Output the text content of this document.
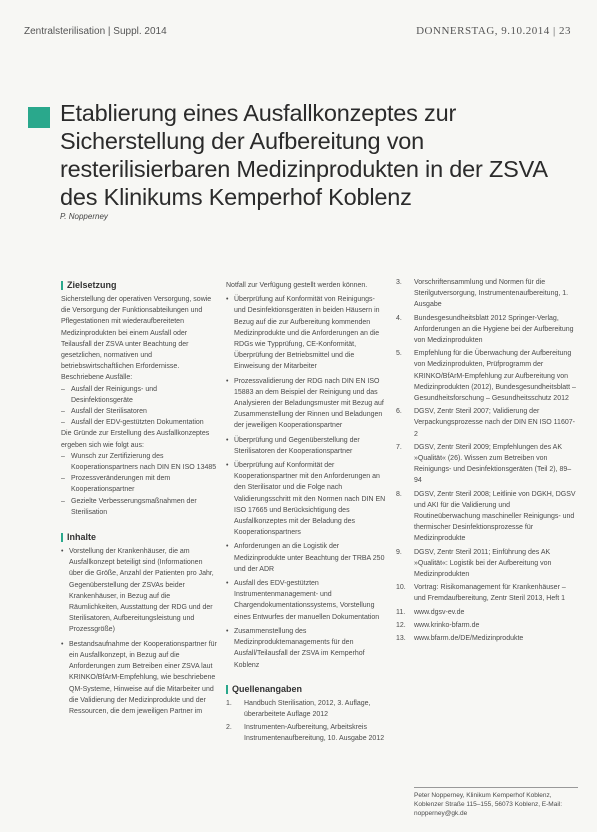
Zentralsterilisation | Suppl. 2014	DONNERSTAG, 9.10.2014 | 23
Etablierung eines Ausfallkonzeptes zur Sicherstellung der Aufbereitung von resterilisierbaren Medizinprodukten in der ZSVA des Klinikums Kemperhof Koblenz
P. Nopperney
Zielsetzung

Sicherstellung der operativen Versorgung, sowie die Versorgung der Funktionsabteilungen und Pflegestationen mit wiederaufbereiteten Medizinprodukten bei einem Ausfall oder Teilausfall der ZSVA unter Beachtung der gesetzlichen, normativen und betriebswirtschaftlichen Erfordernisse.

Beschriebene Ausfälle:

– Ausfall der Reinigungs- und Desinfektionsgeräte
– Ausfall der Sterilisatoren
– Ausfall der EDV-gestützten Dokumentation

Die Gründe zur Erstellung des Ausfallkonzeptes ergeben sich wie folgt aus:

– Wunsch zur Zertifizierung des Kooperationspartners nach DIN EN ISO 13485
– Prozessveränderungen mit dem Kooperationspartner
– Gezielte Verbesserungsmaßnahmen der Sterilisation
Inhalte
• Vorstellung der Krankenhäuser, die am Ausfallkonzept beteiligt sind (Informationen über die Größe, Anzahl der Patienten pro Jahr, Gegenüberstellung der ZSVAs beider Krankenhäuser, in Bezug auf die Räumlichkeiten, Ausstattung der RDG und der Sterilisatoren, Aufbereitungsleistung und Prozessgröße)
• Bestandsaufnahme der Kooperationspartner für ein Ausfallkonzept, in Bezug auf die Anforderungen zum Betreiben einer ZSVA laut KRINKO/BfArM-Empfehlung, wie beschriebene QM-Systeme, Hinweise auf die Mitarbeiter und die Validierung der Medizinprodukte und der Ressourcen, die dem jeweiligen Partner im

Notfall zur Verfügung gestellt werden können.

• Überprüfung auf Konformität von Reinigungs- und Desinfektionsgeräten in beiden Häusern in Bezug auf die zur Aufbereitung kommenden Medizinprodukte und die Anforderungen an die RDGs wie Typprüfung, CE-Konformität, Überprüfung der Betriebsmittel und die Einweisung der Mitarbeiter
• Prozessvalidierung der RDG nach DIN EN ISO 15883 an dem Beispiel der Reinigung und das Analysieren der Beladungsmuster mit Bezug auf Zusammenstellung der Rinnen und Beladungen der jeweiligen Kooperationspartner
• Überprüfung und Gegenüberstellung der Sterilisatoren der Kooperationspartner
• Überprüfung auf Konformität der Kooperationspartner mit den Anforderungen an den Sterilisator und die Folge nach Validierungsschritt mit den Normen nach DIN EN ISO 17665 und Berücksichtigung des Ausfallkonzeptes mit der Beladung des Kooperationspartners
• Anforderungen an die Logistik der Medizinprodukte unter Beachtung der TRBA 250 und der ADR
• Ausfall des EDV-gestützten Instrumentenmanagement- und Chargendokumentationssystems, Vorstellung eines Entwurfes der manuellen Dokumentation
• Zusammenstellung des Medizinproduktemanagements für den Ausfall/Teilausfall der ZSVA im Kemperhof Koblenz
Quellenangaben
1. Handbuch Sterilisation, 2012, 3. Auflage, überarbeitete Auflage 2012
2. Instrumenten-Aufbereitung, Arbeitskreis Instrumentenaufbereitung, 10. Ausgabe 2012
3. Vorschriftensammlung und Normen für die Sterilgutversorgung, Instrumentenaufbereitung, 1. Ausgabe
4. Bundesgesundheitsblatt 2012 Springer-Verlag, Anforderungen an die Hygiene bei der Aufbereitung von Medizinprodukten
5. Empfehlung für die Überwachung der Aufbereitung von Medizinprodukten, Prüfprogramm der KRINKO/BfArM-Empfehlung zur Aufbereitung von Medizinprodukten (2012), Bundesgesundheitsblatt – Gesundheitsforschung – Gesundheitsschutz 2012
6. DGSV, Zentr Steril 2007; Validierung der Verpackungsprozesse nach der DIN EN ISO 11607-2
7. DGSV, Zentr Steril 2009; Empfehlungen des AK »Qualität« (26). Wissen zum Betreiben von Reinigungs- und Desinfektionsgeräten (Teil 2), 89–94
8. DGSV, Zentr Steril 2008; Leitlinie von DGKH, DGSV und AKI für die Validierung und Routineüberwachung maschineller Reinigungs- und thermischer Desinfektionsprozesse für Medizinprodukte
9. DGSV, Zentr Steril 2011; Einführung des AK »Qualität«: Logistik bei der Aufbereitung von Medizinprodukten
10. Vortrag: Risikomanagement für Krankenhäuser – und Fremdaufbereitung, Zentr Steril 2013, Heft 1
11. www.dgsv-ev.de
12. www.krinko-bfarm.de
13. www.bfarm.de/DE/Medizinprodukte
Peter Nopperney, Klinikum Kemperhof Koblenz, Koblenzer Straße 115–155, 56073 Koblenz, E-Mail: nopperney@gk.de
